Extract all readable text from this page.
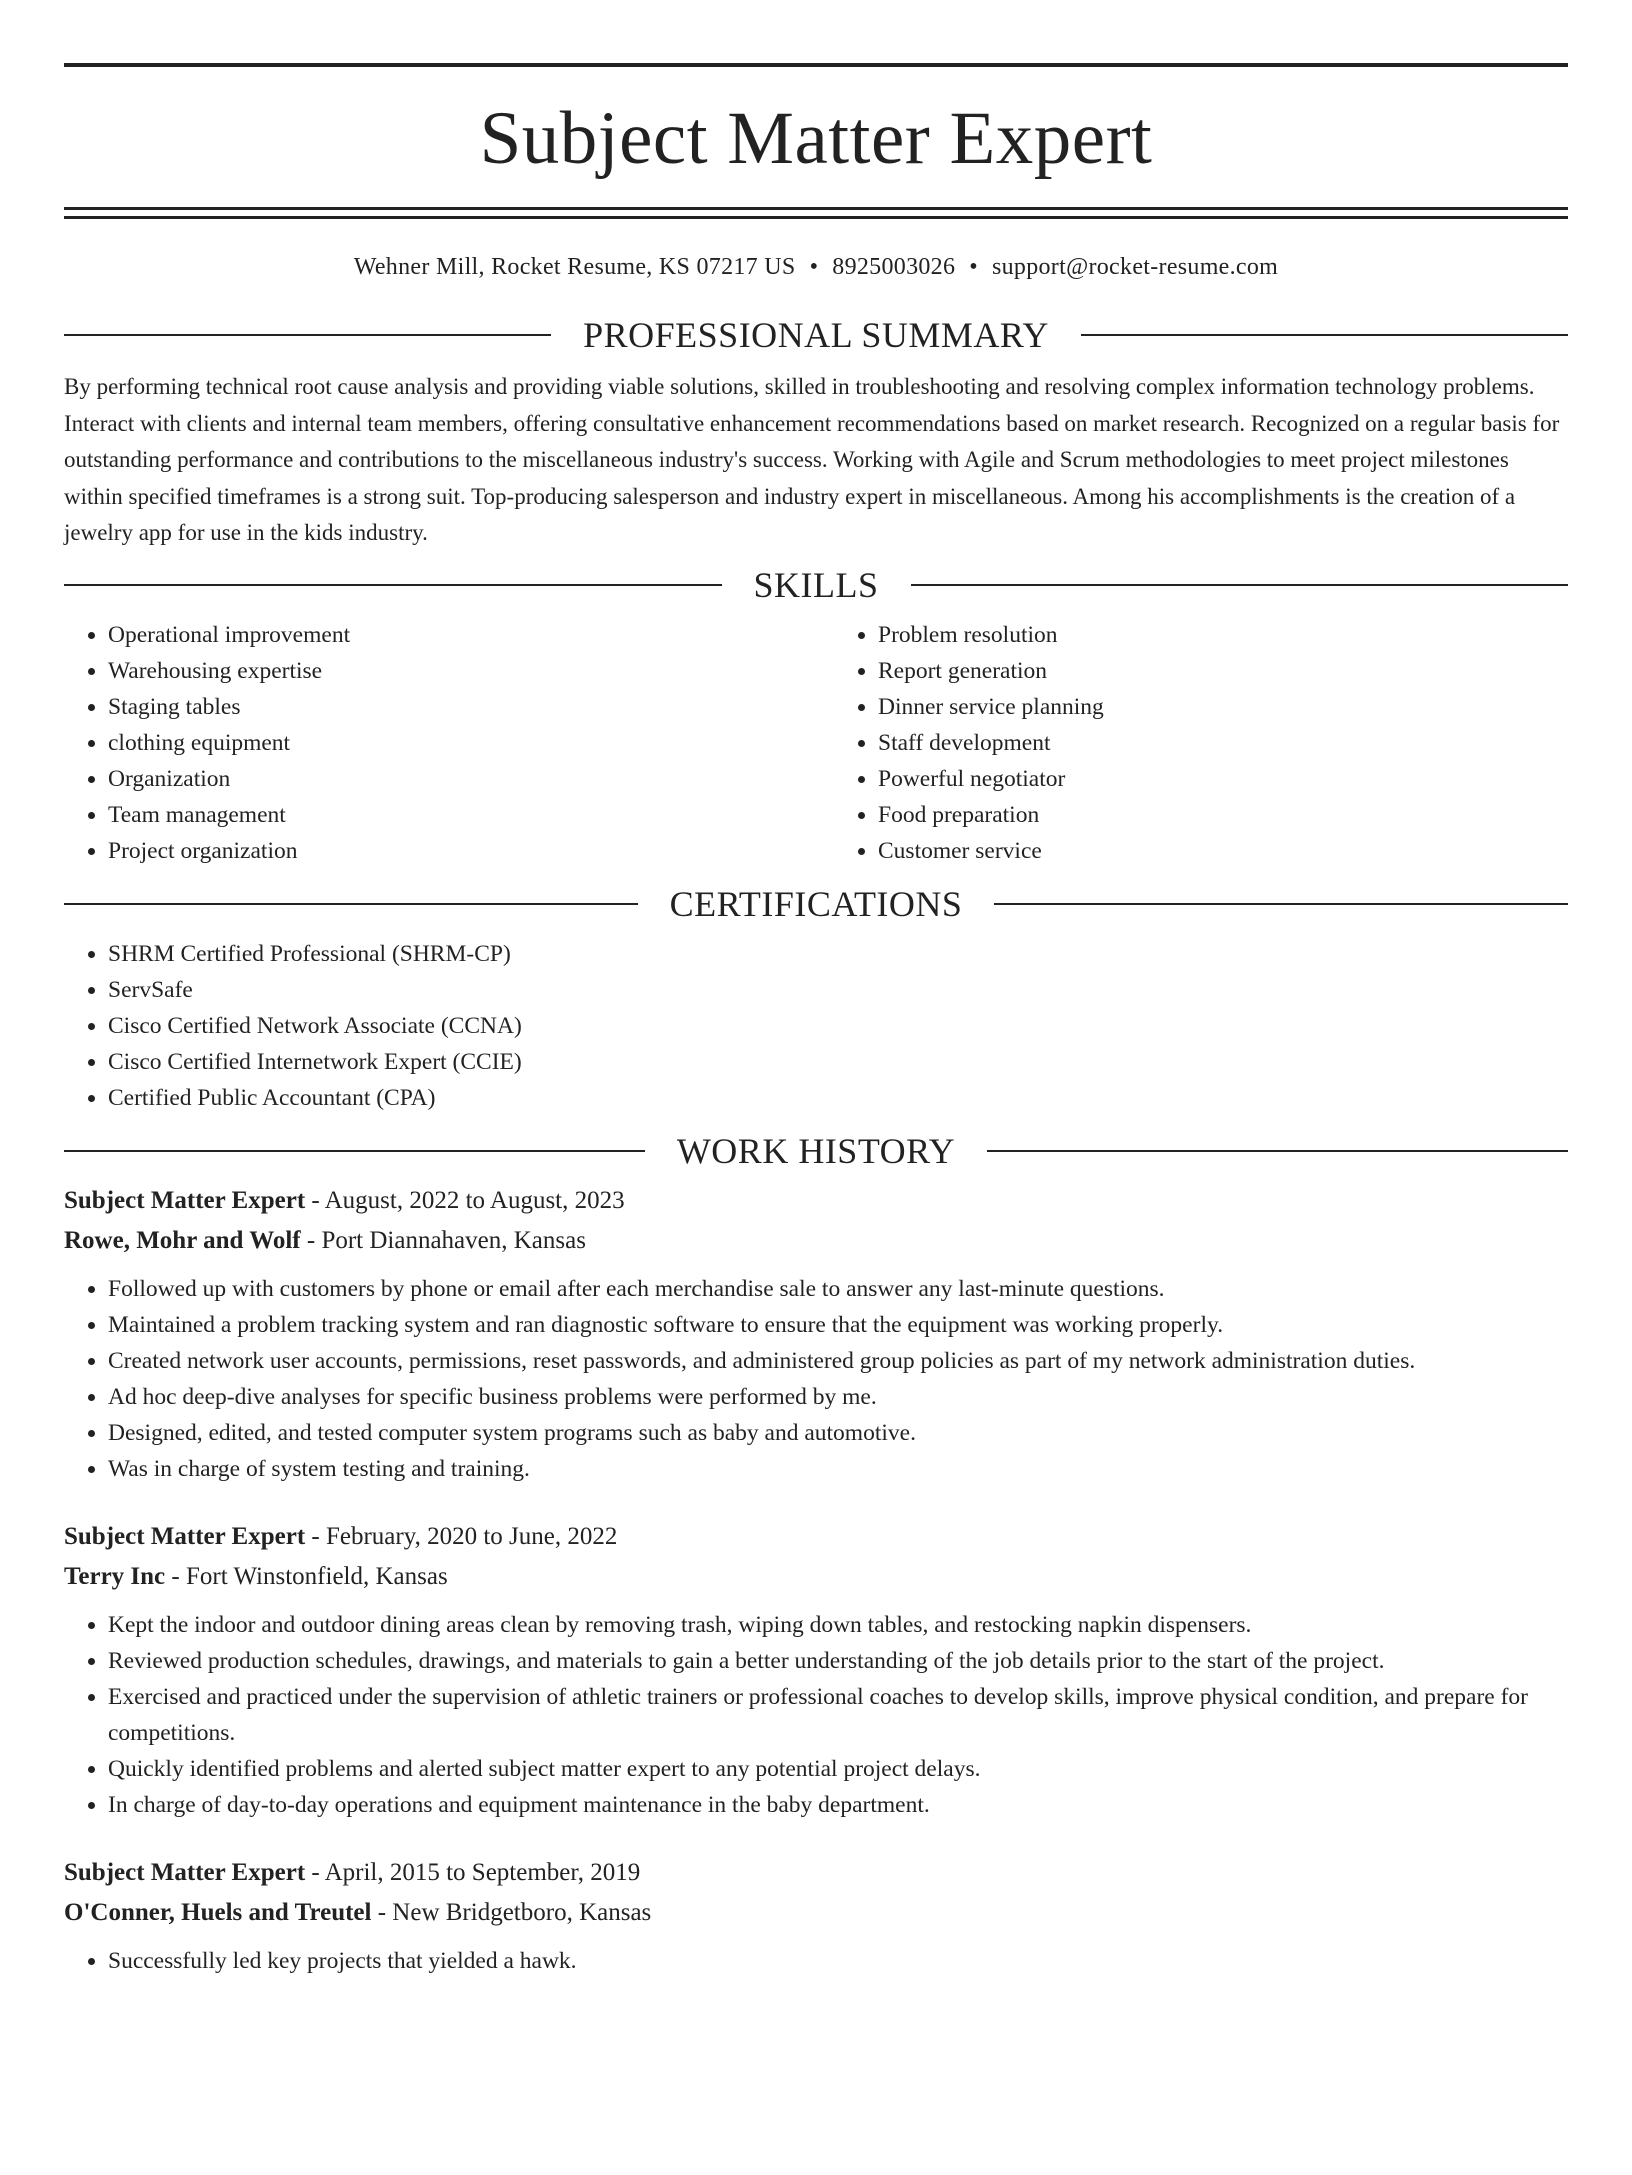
Subject Matter Expert
Wehner Mill, Rocket Resume, KS 07217 US • 8925003026 • support@rocket-resume.com
PROFESSIONAL SUMMARY

By performing technical root cause analysis and providing viable solutions, skilled in troubleshooting and resolving complex information technology problems. Interact with clients and internal team members, offering consultative enhancement recommendations based on market research. Recognized on a regular basis for outstanding performance and contributions to the miscellaneous industry's success. Working with Agile and Scrum methodologies to meet project milestones within specified timeframes is a strong suit. Top-producing salesperson and industry expert in miscellaneous. Among his accomplishments is the creation of a jewelry app for use in the kids industry.

SKILLS
• Operational improvement
• Warehousing expertise
• Staging tables
• clothing equipment
• Organization
• Team management
• Project organization
• Problem resolution
• Report generation
• Dinner service planning
• Staff development
• Powerful negotiator
• Food preparation
• Customer service
CERTIFICATIONS
• SHRM Certified Professional (SHRM-CP)
• ServSafe
• Cisco Certified Network Associate (CCNA)
• Cisco Certified Internetwork Expert (CCIE)
• Certified Public Accountant (CPA)
WORK HISTORY
Subject Matter Expert - August, 2022 to August, 2023
Rowe, Mohr and Wolf - Port Diannahaven, Kansas
• Followed up with customers by phone or email after each merchandise sale to answer any last-minute questions.
• Maintained a problem tracking system and ran diagnostic software to ensure that the equipment was working properly.
• Created network user accounts, permissions, reset passwords, and administered group policies as part of my network administration duties.
• Ad hoc deep-dive analyses for specific business problems were performed by me.
• Designed, edited, and tested computer system programs such as baby and automotive.
• Was in charge of system testing and training.
Subject Matter Expert - February, 2020 to June, 2022
Terry Inc - Fort Winstonfield, Kansas
• Kept the indoor and outdoor dining areas clean by removing trash, wiping down tables, and restocking napkin dispensers.
• Reviewed production schedules, drawings, and materials to gain a better understanding of the job details prior to the start of the project.
• Exercised and practiced under the supervision of athletic trainers or professional coaches to develop skills, improve physical condition, and prepare for competitions.
• Quickly identified problems and alerted subject matter expert to any potential project delays.
• In charge of day-to-day operations and equipment maintenance in the baby department.
Subject Matter Expert - April, 2015 to September, 2019
O'Conner, Huels and Treutel - New Bridgetboro, Kansas
• Successfully led key projects that yielded a hawk.
